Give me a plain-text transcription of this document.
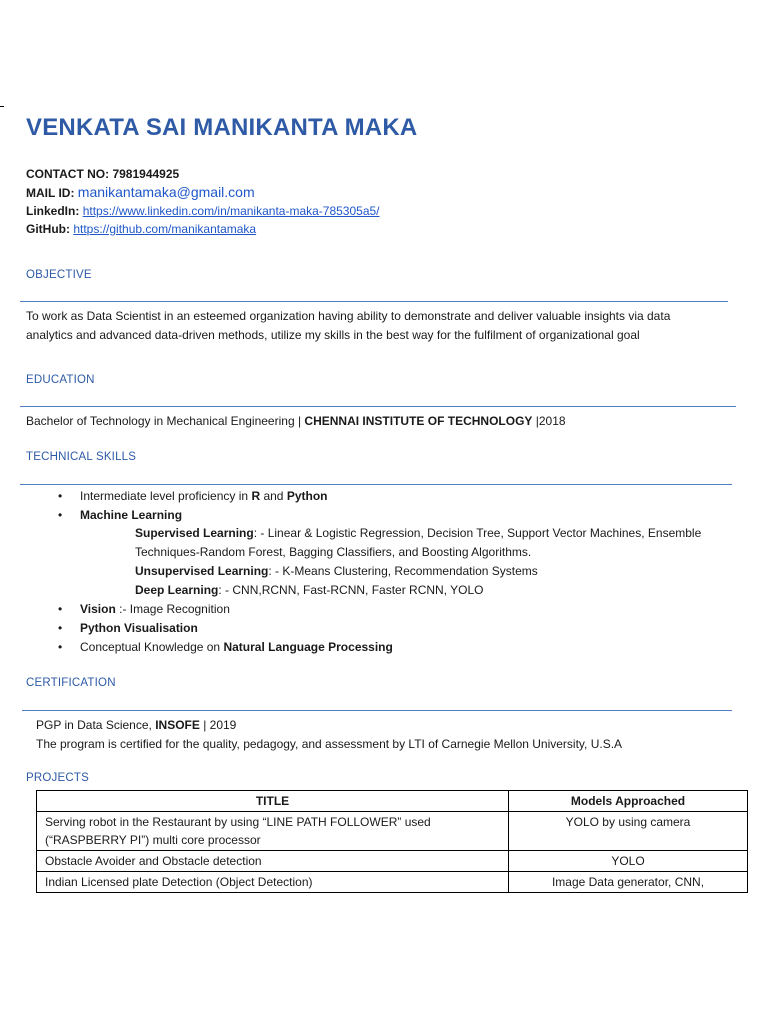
VENKATA SAI MANIKANTA MAKA
CONTACT NO: 7981944925
MAIL ID: manikantamaka@gmail.com
LinkedIn: https://www.linkedin.com/in/manikanta-maka-785305a5/
GitHub: https://github.com/manikantamaka
OBJECTIVE
To work as Data Scientist in an esteemed organization having ability to demonstrate and deliver valuable insights via data
analytics and advanced data-driven methods, utilize my skills in the best way for the fulfilment of organizational goal
EDUCATION
Bachelor of Technology in Mechanical Engineering | CHENNAI INSTITUTE OF TECHNOLOGY |2018
TECHNICAL SKILLS
• Intermediate level proficiency in R and Python
• Machine Learning
Supervised Learning: - Linear & Logistic Regression, Decision Tree, Support Vector Machines, Ensemble
Techniques-Random Forest, Bagging Classifiers, and Boosting Algorithms.
Unsupervised Learning: - K-Means Clustering, Recommendation Systems
Deep Learning: - CNN,RCNN, Fast-RCNN, Faster RCNN, YOLO
• Vision :- Image Recognition
• Python Visualisation
• Conceptual Knowledge on Natural Language Processing
CERTIFICATION
PGP in Data Science, INSOFE | 2019
The program is certified for the quality, pedagogy, and assessment by LTI of Carnegie Mellon University, U.S.A
PROJECTS
TITLE	Models Approached
Serving robot in the Restaurant by using “LINE PATH FOLLOWER” used (“RASPBERRY PI”) multi core processor	YOLO by using camera
Obstacle Avoider and Obstacle detection	YOLO
Indian Licensed plate Detection (Object Detection)	Image Data generator, CNN,
